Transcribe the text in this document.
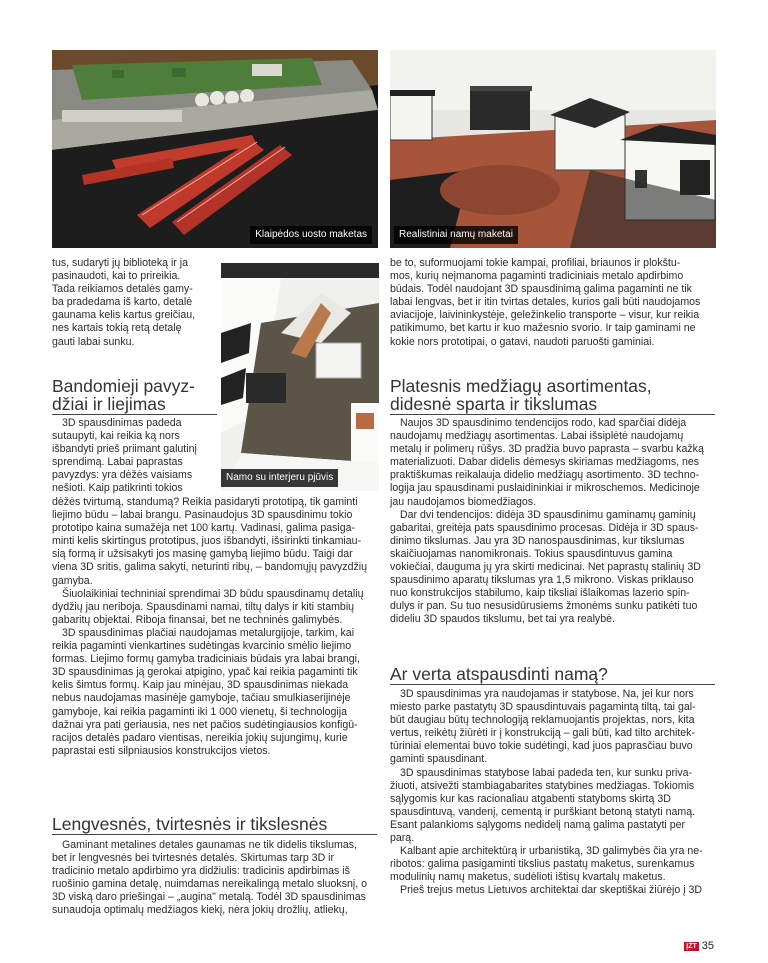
Klaipėdos uosto maketas	Realistiniai namų maketai
Namo su interjeru pjūvis

tus, sudaryti jų biblioteką ir ja
pasinaudoti, kai to prireikia.
Tada reikiamos detalės gamy-
ba pradedama iš karto, detalė
gaunama kelis kartus greičiau,
nes kartais tokią retą detalę
gauti labai sunku.

Bandomieji pavyz-
džiai ir liejimas

3D spausdinimas padeda
sutaupyti, kai reikia ką nors
išbandyti prieš priimant galutinį
sprendimą. Labai paprastas
pavyzdys: yra dėžės vaisiams
nešioti. Kaip patikrinti tokios

dėžės tvirtumą, standumą? Reikia pasidaryti prototipą, tik gaminti
liejimo būdu – labai brangu. Pasinaudojus 3D spausdinimu tokio
prototipo kaina sumažėja net 100 kartų. Vadinasi, galima pasiga-
minti kelis skirtingus prototipus, juos išbandyti, išsirinkti tinkamiau-
sią formą ir užsisakyti jos masinę gamybą liejimo būdu. Taigi dar
viena 3D sritis, galima sakyti, neturinti ribų, – bandomųjų pavyzdžių
gamyba.

Šiuolaikiniai techniniai sprendimai 3D būdu spausdinamų detalių
dydžių jau neriboja. Spausdinami namai, tiltų dalys ir kiti stambių
gabaritų objektai. Riboja finansai, bet ne techninės galimybės.

3D spausdinimas plačiai naudojamas metalurgijoje, tarkim, kai
reikia pagaminti vienkartines sudėtingas kvarcinio smėlio liejimo
formas. Liejimo formų gamyba tradiciniais būdais yra labai brangi,
3D spausdinimas ją gerokai atpigino, ypač kai reikia pagaminti tik
kelis šimtus formų. Kaip jau minėjau, 3D spausdinimas niekada
nebus naudojamas masinėje gamyboje, tačiau smulkiaserijinėje
gamyboje, kai reikia pagaminti iki 1 000 vienetų, ši technologija
dažnai yra pati geriausia, nes net pačios sudėtingiausios konfigū-
racijos detalės padaro vientisas, nereikia jokių sujungimų, kurie
paprastai esti silpniausios konstrukcijos vietos.

Lengvesnės, tvirtesnės ir tikslesnės

Gaminant metalines detales gaunamas ne tik didelis tikslumas,
bet ir lengvesnės bei tvirtesnės detalės. Skirtumas tarp 3D ir
tradicinio metalo apdirbimo yra didžiulis: tradicinis apdirbimas iš
ruošinio gamina detalę, nuimdamas nereikalingą metalo sluoksnį, o
3D viską daro priešingai – „augina" metalą. Todėl 3D spausdinimas
sunaudoja optimalų medžiagos kiekį, nėra jokių drožlių, atliekų,

be to, suformuojami tokie kampai, profiliai, briaunos ir plokštu-
mos, kurių neįmanoma pagaminti tradiciniais metalo apdirbimo
būdais. Todėl naudojant 3D spausdinimą galima pagaminti ne tik
labai lengvas, bet ir itin tvirtas detales, kurios gali būti naudojamos
aviacijoje, laivininkystėje, geležinkelio transporte – visur, kur reikia
patikimumo, bet kartu ir kuo mažesnio svorio. Ir taip gaminami ne
kokie nors prototipai, o gatavi, naudoti paruošti gaminiai.

Platesnis medžiagų asortimentas,
didesnė sparta ir tikslumas

Naujos 3D spausdinimo tendencijos rodo, kad sparčiai didėja
naudojamų medžiagų asortimentas. Labai išsiplėtė naudojamų
metalų ir polimerų rūšys. 3D pradžia buvo paprasta – svarbu kažką
materializuoti. Dabar didelis dėmesys skiriamas medžiagoms, nes
praktiškumas reikalauja didelio medžiagų asortimento. 3D techno-
logija jau spausdinami puslaidininkiai ir mikroschemos. Medicinoje
jau naudojamos biomedžiagos.

Dar dvi tendencijos: didėja 3D spausdinimu gaminamų gaminių
gabaritai, greitėja pats spausdinimo procesas. Didėja ir 3D spaus-
dinimo tikslumas. Jau yra 3D nanospausdinimas, kur tikslumas
skaičiuojamas nanomikronais. Tokius spausdintuvus gamina
vokiečiai, dauguma jų yra skirti medicinai. Net paprastų stalinių 3D
spausdinimo aparatų tikslumas yra 1,5 mikrono. Viskas priklauso
nuo konstrukcijos stabilumo, kaip tiksliai išlaikomas lazerio spin-
dulys ir pan. Su tuo nesusidūrusiems žmonėms sunku patikėti tuo
dideliu 3D spaudos tikslumu, bet tai yra realybė.

Ar verta atspausdinti namą?

3D spausdinimas yra naudojamas ir statybose. Na, jei kur nors
miesto parke pastatytų 3D spausdintuvais pagamintą tiltą, tai gal-
būt daugiau būtų technologiją reklamuojantis projektas, nors, kita
vertus, reikėtų žiūrėti ir į konstrukciją – gali būti, kad tilto architek-
tūriniai elementai buvo tokie sudėtingi, kad juos paprasčiau buvo
gaminti spausdinant.

3D spausdinimas statybose labai padeda ten, kur sunku priva-
žiuoti, atsivežti stambiagabarites statybines medžiagas. Tokiomis
sąlygomis kur kas racionaliau atgabenti statyboms skirtą 3D
spausdintuvą, vandenį, cementą ir purškiant betoną statyti namą.
Esant palankioms sąlygoms nedidelį namą galima pastatyti per
parą.

Kalbant apie architektūrą ir urbanistiką, 3D galimybės čia yra ne-
ribotos: galima pasigaminti tikslius pastatų maketus, surenkamus
modulinių namų maketus, sudėlioti ištisų kvartalų maketus.

Prieš trejus metus Lietuvos architektai dar skeptiškai žiūrėjo į 3D

ĮŽT 35
